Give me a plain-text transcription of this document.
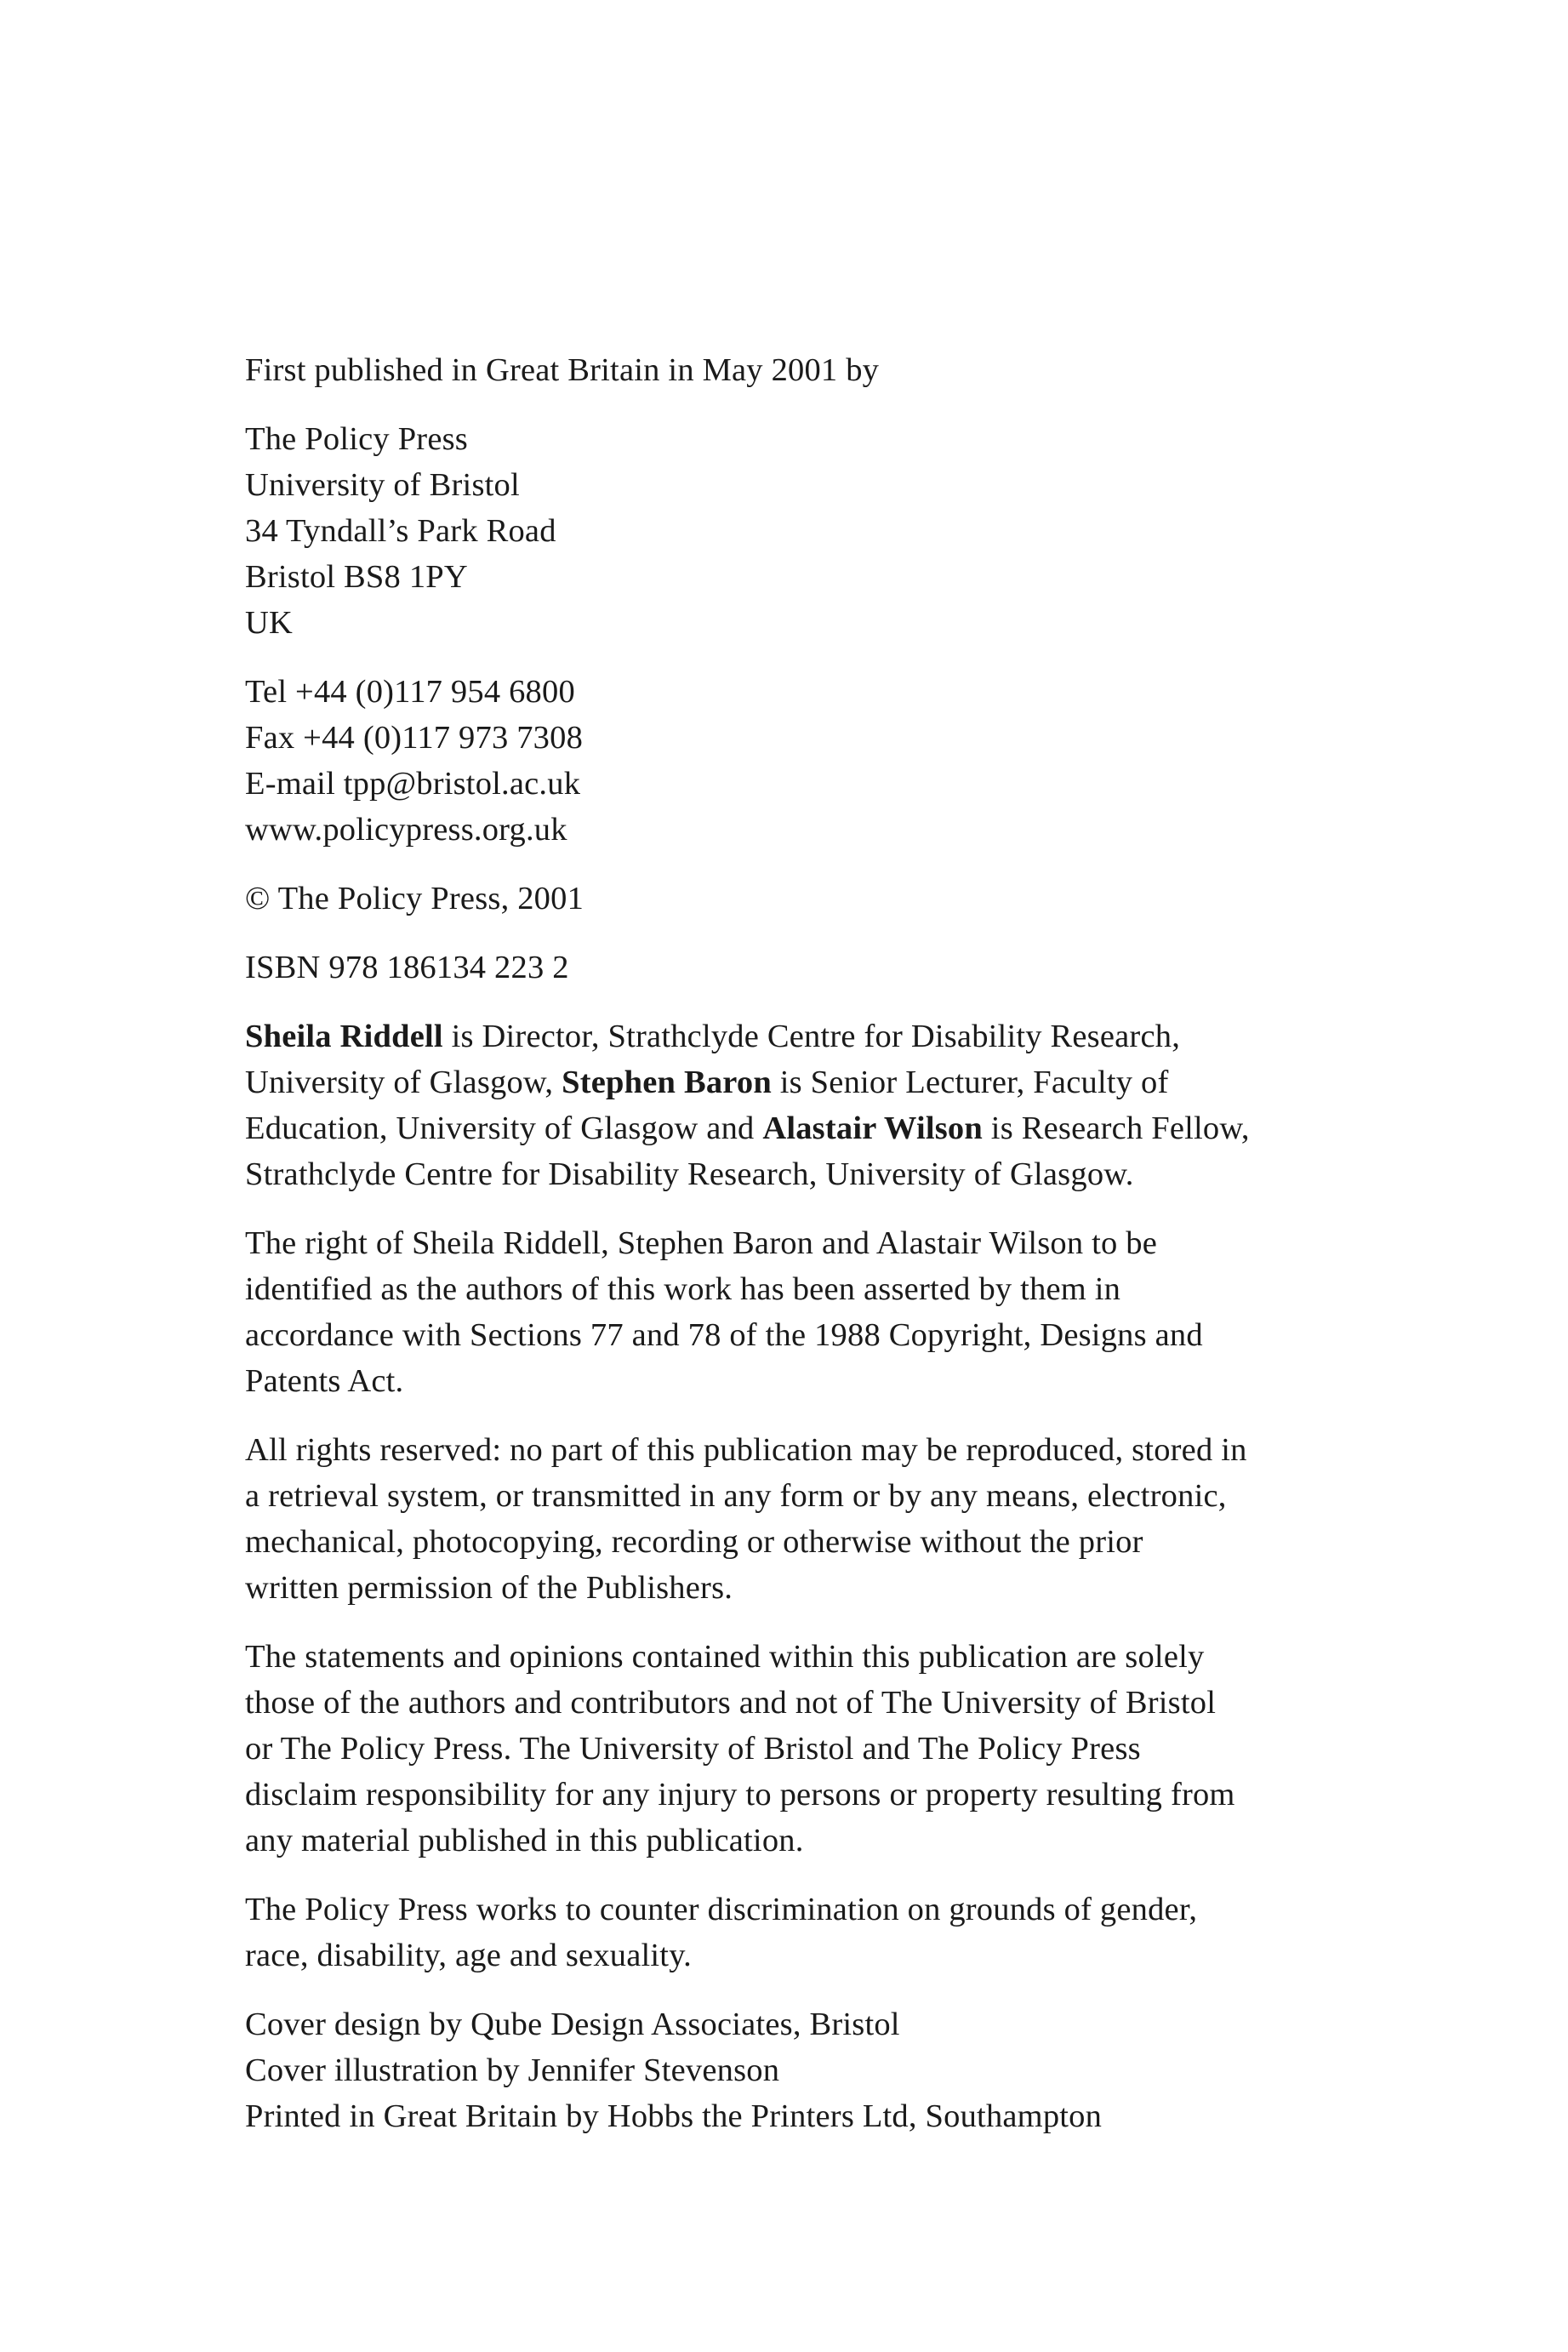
First published in Great Britain in May 2001 by

The Policy Press
University of Bristol
34 Tyndall’s Park Road
Bristol BS8 1PY
UK

Tel +44 (0)117 954 6800
Fax +44 (0)117 973 7308
E-mail tpp@bristol.ac.uk
www.policypress.org.uk

© The Policy Press, 2001

ISBN 978 186134 223 2

Sheila Riddell is Director, Strathclyde Centre for Disability Research,
University of Glasgow, Stephen Baron is Senior Lecturer, Faculty of
Education, University of Glasgow and Alastair Wilson is Research Fellow,
Strathclyde Centre for Disability Research, University of Glasgow.

The right of Sheila Riddell, Stephen Baron and Alastair Wilson to be
identified as the authors of this work has been asserted by them in
accordance with Sections 77 and 78 of the 1988 Copyright, Designs and
Patents Act.

All rights reserved: no part of this publication may be reproduced, stored in
a retrieval system, or transmitted in any form or by any means, electronic,
mechanical, photocopying, recording or otherwise without the prior
written permission of the Publishers.

The statements and opinions contained within this publication are solely
those of the authors and contributors and not of The University of Bristol
or The Policy Press. The University of Bristol and The Policy Press
disclaim responsibility for any injury to persons or property resulting from
any material published in this publication.

The Policy Press works to counter discrimination on grounds of gender,
race, disability, age and sexuality.

Cover design by Qube Design Associates, Bristol
Cover illustration by Jennifer Stevenson
Printed in Great Britain by Hobbs the Printers Ltd, Southampton
